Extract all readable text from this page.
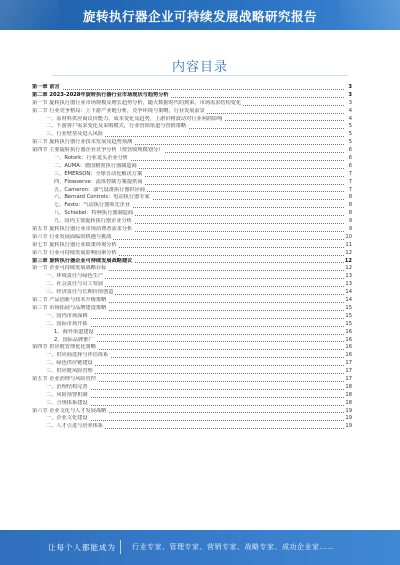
旋转执行器企业可持续发展战略研究报告
内容目录
第一章 前言	3
第二章 2023-2028年旋转执行器行业市场现状与趋势分析	3
第一节 旋转执行器行业市场规模及增长趋势分析，随大数据时代的到来，市场需求结构变化	3
第二节 行业竞争格局：上下游产业链分析，竞争环境与策略，行业发展前景	4
一、原材料供应商议价能力、成本变化及趋势，上游价格波动对行业利润影响	4
二、下游客户需求变化及采购模式，行业营销渠道与营销策略	5
三、行业壁垒及进入风险	5
第三节 旋转执行器行业技术发展及趋势预测	5
第四节 主要旋转执行器企业竞争分析（按营收规模划分）	6
一、Rotork：行业龙头企业分析	6
二、AUMA：德国精密执行器制造商	6
三、EMERSON：全球自动化解决方案	7
四、Flowserve：流体控制方案提供商	7
五、Cameron：油气设备执行器供应商	7
六、Bernard Controls：电动执行器专家	8
七、Festo：气动执行器领先企业	8
八、Schiebel：特种执行器制造商	8
九、国内主要旋转执行器企业分析	9
第五节 旋转执行器行业市场消费者需求分析	9
第六节 行业发展面临的机遇与挑战	10
第七节 旋转执行器行业政策环境分析	11
第八节 行业可持续发展影响因素分析	12
第三章 旋转执行器企业可持续发展战略建议	12
第一节 企业可持续发展战略目标	12
一、环境责任与绿色生产	13
二、社会责任与员工发展	13
三、经济责任与长期价值创造	14
第二节 产品创新与技术升级策略	14
第三节 市场拓展与品牌建设策略	15
一、国内市场深耕	15
二、国际市场开拓	15
1、海外渠道建设	16
2、国际品牌推广	16
第四节 供应链管理优化策略	16
一、供应商选择与评估体系	16
二、绿色供应链建设	17
三、供应链风险管理	17
第五节 企业治理与风险管控	17
一、治理结构完善	18
二、风险预警机制	18
三、合规体系建设	18
第六节 企业文化与人才发展战略	19
一、企业文化建设	19
二、人才引进与培养体系	19
让每个人都能成为 行业专家、管理专家、营销专家、战略专家、成功企业家……
